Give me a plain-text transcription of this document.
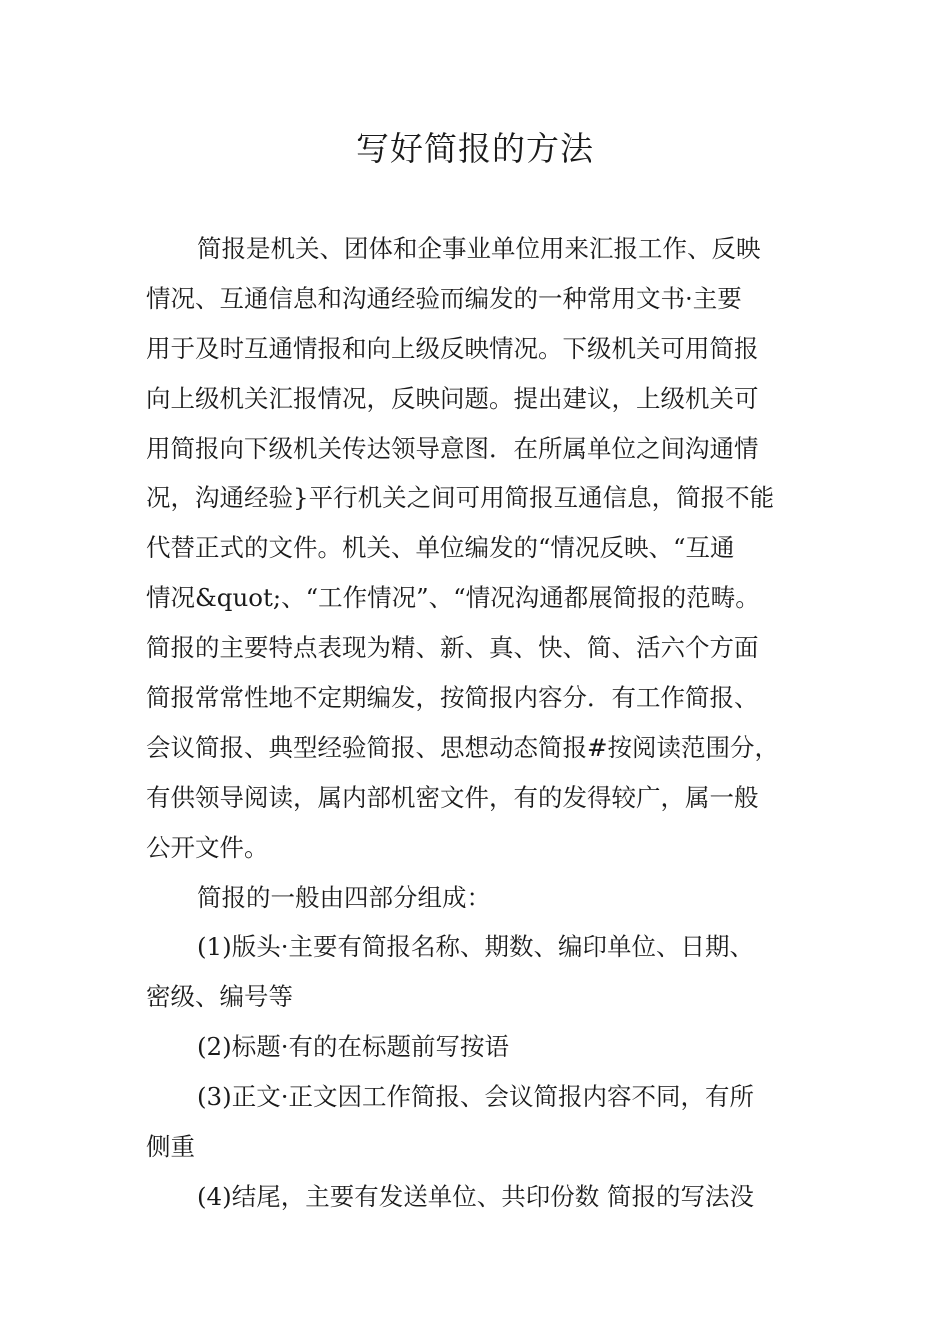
写好简报的方法
简报是机关、团体和企事业单位用来汇报工作、反映
情况、互通信息和沟通经验而编发的一种常用文书·主要
用于及时互通情报和向上级反映情况。下级机关可用简报
向上级机关汇报情况，反映问题。提出建议，上级机关可
用简报向下级机关传达领导意图．在所属单位之间沟通情
况，沟通经验}平行机关之间可用简报互通信息，简报不能
代替正式的文件。机关、单位编发的“情况反映、“互通
情况&quot;、“工作情况”、“情况沟通都展简报的范畴。
简报的主要特点表现为精、新、真、快、简、活六个方面
简报常常性地不定期编发，按简报内容分．有工作简报、
会议简报、典型经验简报、思想动态简报#按阅读范围分，
有供领导阅读，属内部机密文件，有的发得较广，属一般
公开文件。
简报的一般由四部分组成：
(1)版头·主要有简报名称、期数、编印单位、日期、
密级、编号等
(2)标题·有的在标题前写按语
(3)正文·正文因工作简报、会议简报内容不同，有所
侧重
(4)结尾，主要有发送单位、共印份数 简报的写法没
